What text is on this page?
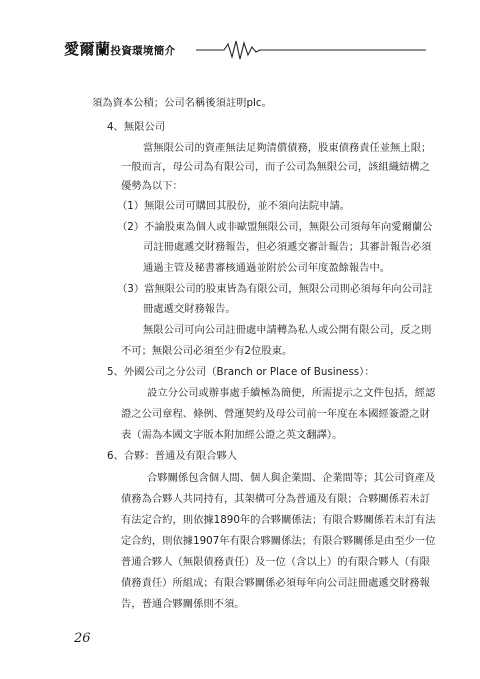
愛爾蘭投資環境簡介
須為資本公積；公司名稱後須註明plc。
4、無限公司
當無限公司的資產無法足夠清償債務，股東債務責任並無上限；
一般而言，母公司為有限公司，而子公司為無限公司，該組織結構之
優勢為以下：
（1）無限公司可購回其股份，並不須向法院申請。
（2）不論股東為個人或非歐盟無限公司，無限公司須每年向愛爾蘭公
司註冊處遞交財務報告，但必須遞交審計報告；其審計報告必須
通過主管及秘書審核通過並附於公司年度盈餘報告中。
（3）當無限公司的股東皆為有限公司，無限公司則必須每年向公司註
冊處遞交財務報告。
無限公司可向公司註冊處申請轉為私人或公開有限公司，反之則
不可；無限公司必須至少有2位股東。
5、外國公司之分公司（Branch or Place of Business）：
設立分公司或辦事處手續極為簡便，所需提示之文件包括，經認
證之公司章程、條例、營運契約及母公司前一年度在本國經簽證之財
表（需為本國文字版本附加經公證之英文翻譯）。
6、合夥：普通及有限合夥人
合夥關係包含個人間、個人與企業間、企業間等；其公司資產及
債務為合夥人共同持有，其架構可分為普通及有限；合夥關係若未訂
有法定合約，則依據1890年的合夥關係法；有限合夥關係若未訂有法
定合約，則依據1907年有限合夥關係法；有限合夥關係是由至少一位
普通合夥人（無限債務責任）及一位（含以上）的有限合夥人（有限
債務責任）所組成；有限合夥關係必須每年向公司註冊處遞交財務報
告，普通合夥關係則不須。
26
